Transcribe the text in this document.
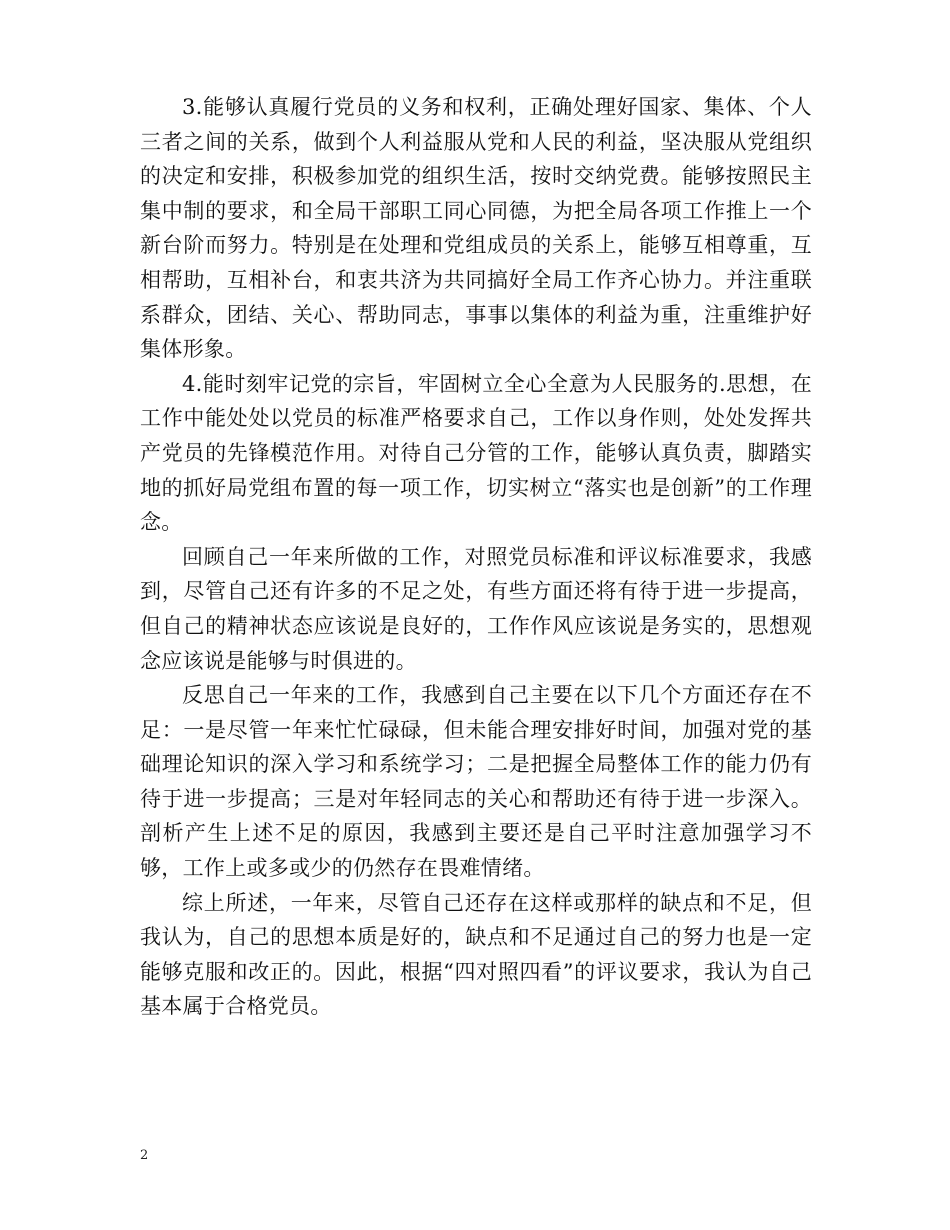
3.能够认真履行党员的义务和权利，正确处理好国家、集体、个人三者之间的关系，做到个人利益服从党和人民的利益，坚决服从党组织的决定和安排，积极参加党的组织生活，按时交纳党费。能够按照民主集中制的要求，和全局干部职工同心同德，为把全局各项工作推上一个新台阶而努力。特别是在处理和党组成员的关系上，能够互相尊重，互相帮助，互相补台，和衷共济为共同搞好全局工作齐心协力。并注重联系群众，团结、关心、帮助同志，事事以集体的利益为重，注重维护好集体形象。

4.能时刻牢记党的宗旨，牢固树立全心全意为人民服务的.思想，在工作中能处处以党员的标准严格要求自己，工作以身作则，处处发挥共产党员的先锋模范作用。对待自己分管的工作，能够认真负责，脚踏实地的抓好局党组布置的每一项工作，切实树立“落实也是创新”的工作理念。

回顾自己一年来所做的工作，对照党员标准和评议标准要求，我感到，尽管自己还有许多的不足之处，有些方面还将有待于进一步提高，但自己的精神状态应该说是良好的，工作作风应该说是务实的，思想观念应该说是能够与时俱进的。

反思自己一年来的工作，我感到自己主要在以下几个方面还存在不足：一是尽管一年来忙忙碌碌，但未能合理安排好时间，加强对党的基础理论知识的深入学习和系统学习；二是把握全局整体工作的能力仍有待于进一步提高；三是对年轻同志的关心和帮助还有待于进一步深入。剖析产生上述不足的原因，我感到主要还是自己平时注意加强学习不够，工作上或多或少的仍然存在畏难情绪。

综上所述，一年来，尽管自己还存在这样或那样的缺点和不足，但我认为，自己的思想本质是好的，缺点和不足通过自己的努力也是一定能够克服和改正的。因此，根据“四对照四看”的评议要求，我认为自己基本属于合格党员。

2
